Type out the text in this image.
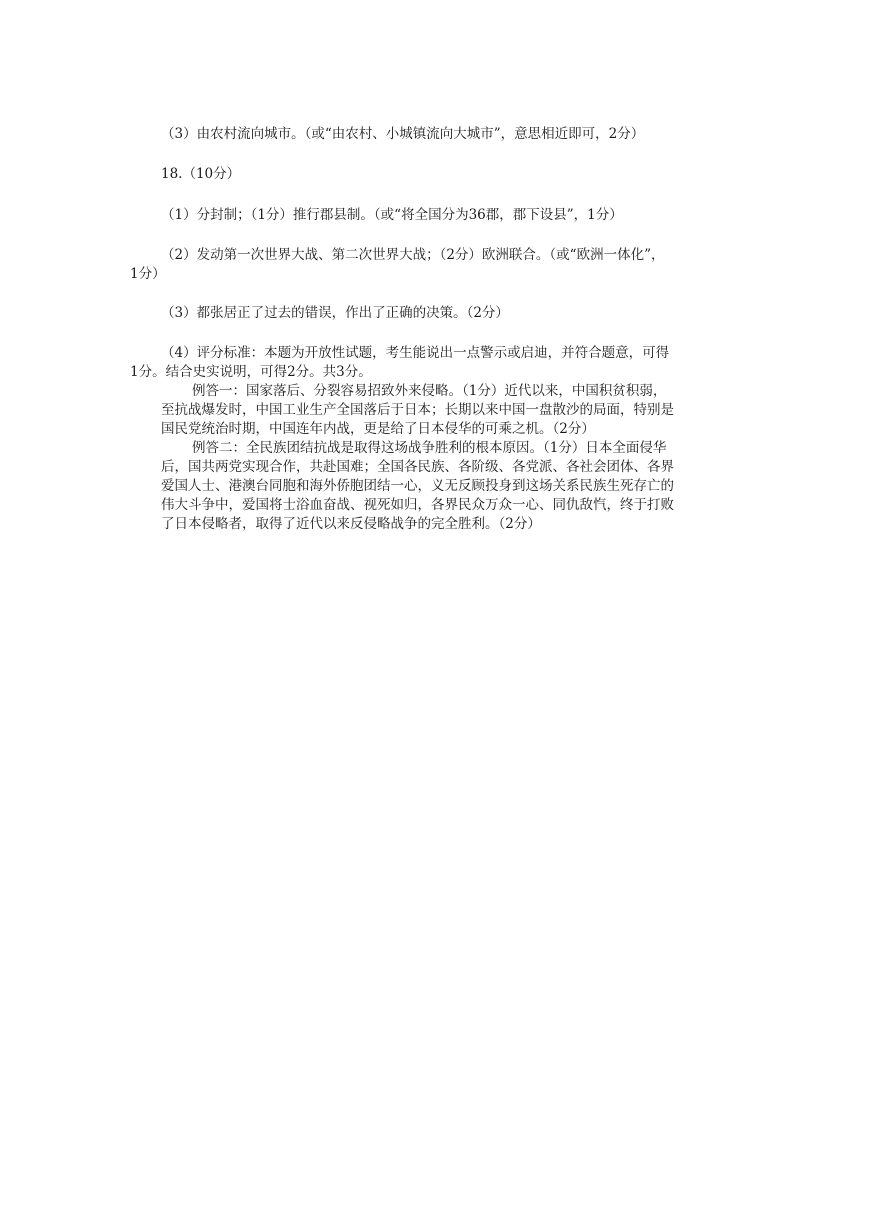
（3）由农村流向城市。（或“由农村、小城镇流向大城市”，意思相近即可，2分）
18.（10分）
（1）分封制；（1分）推行郡县制。（或“将全国分为36郡，郡下设县”，1分）
（2）发动第一次世界大战、第二次世界大战；（2分）欧洲联合。（或“欧洲一体化”，
1分）
（3）都张居正了过去的错误，作出了正确的决策。（2分）
（4）评分标准：本题为开放性试题，考生能说出一点警示或启迪，并符合题意，可得
1分。结合史实说明，可得2分。共3分。
例答一：国家落后、分裂容易招致外来侵略。（1分）近代以来，中国积贫积弱，
至抗战爆发时，中国工业生产全国落后于日本；长期以来中国一盘散沙的局面，特别是
国民党统治时期，中国连年内战，更是给了日本侵华的可乘之机。（2分）
例答二：全民族团结抗战是取得这场战争胜利的根本原因。（1分）日本全面侵华
后，国共两党实现合作，共赴国难；全国各民族、各阶级、各党派、各社会团体、各界
爱国人士、港澳台同胞和海外侨胞团结一心，义无反顾投身到这场关系民族生死存亡的
伟大斗争中，爱国将士浴血奋战、视死如归，各界民众万众一心、同仇敌忾，终于打败
了日本侵略者，取得了近代以来反侵略战争的完全胜利。（2分）
